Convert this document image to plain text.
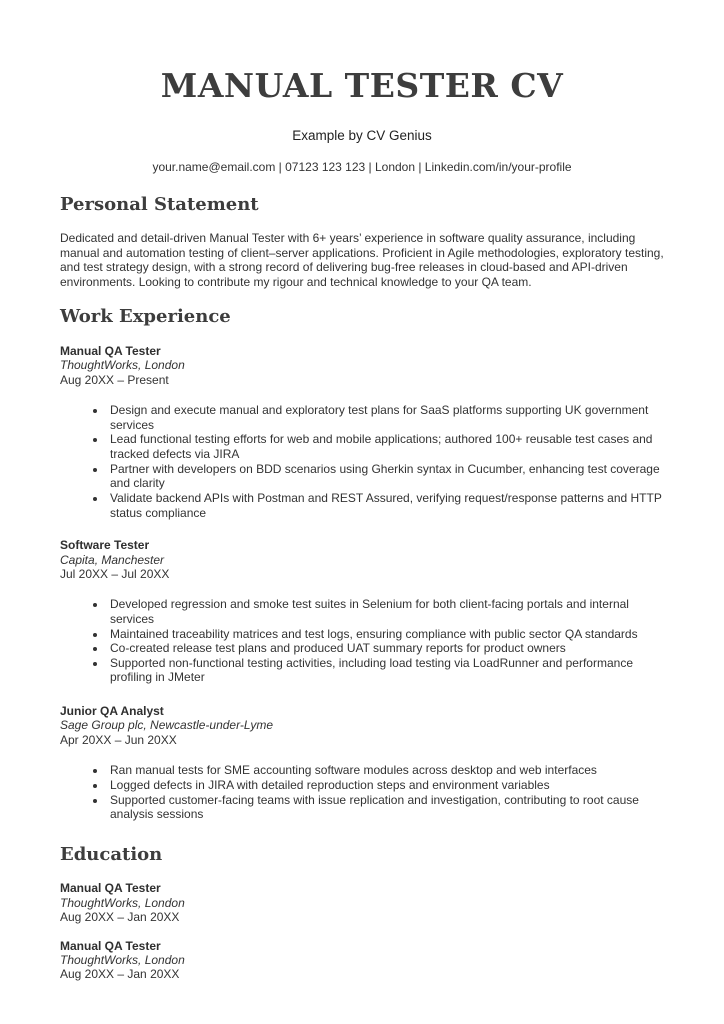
MANUAL TESTER CV
Example by CV Genius
your.name@email.com | 07123 123 123 | London | Linkedin.com/in/your-profile
Personal Statement

Dedicated and detail-driven Manual Tester with 6+ years’ experience in software quality assurance, including manual and automation testing of client–server applications. Proficient in Agile methodologies, exploratory testing, and test strategy design, with a strong record of delivering bug-free releases in cloud-based and API-driven environments. Looking to contribute my rigour and technical knowledge to your QA team.

Work Experience
Manual QA Tester
ThoughtWorks, London
Aug 20XX – Present
• Design and execute manual and exploratory test plans for SaaS platforms supporting UK government services
• Lead functional testing efforts for web and mobile applications; authored 100+ reusable test cases and tracked defects via JIRA
• Partner with developers on BDD scenarios using Gherkin syntax in Cucumber, enhancing test coverage and clarity
• Validate backend APIs with Postman and REST Assured, verifying request/response patterns and HTTP status compliance
Software Tester
Capita, Manchester
Jul 20XX – Jul 20XX
• Developed regression and smoke test suites in Selenium for both client-facing portals and internal services
• Maintained traceability matrices and test logs, ensuring compliance with public sector QA standards
• Co-created release test plans and produced UAT summary reports for product owners
• Supported non-functional testing activities, including load testing via LoadRunner and performance profiling in JMeter
Junior QA Analyst
Sage Group plc, Newcastle-under-Lyme
Apr 20XX – Jun 20XX
• Ran manual tests for SME accounting software modules across desktop and web interfaces
• Logged defects in JIRA with detailed reproduction steps and environment variables
• Supported customer-facing teams with issue replication and investigation, contributing to root cause analysis sessions
Education
Manual QA Tester
ThoughtWorks, London
Aug 20XX – Jan 20XX
Manual QA Tester
ThoughtWorks, London
Aug 20XX – Jan 20XX
